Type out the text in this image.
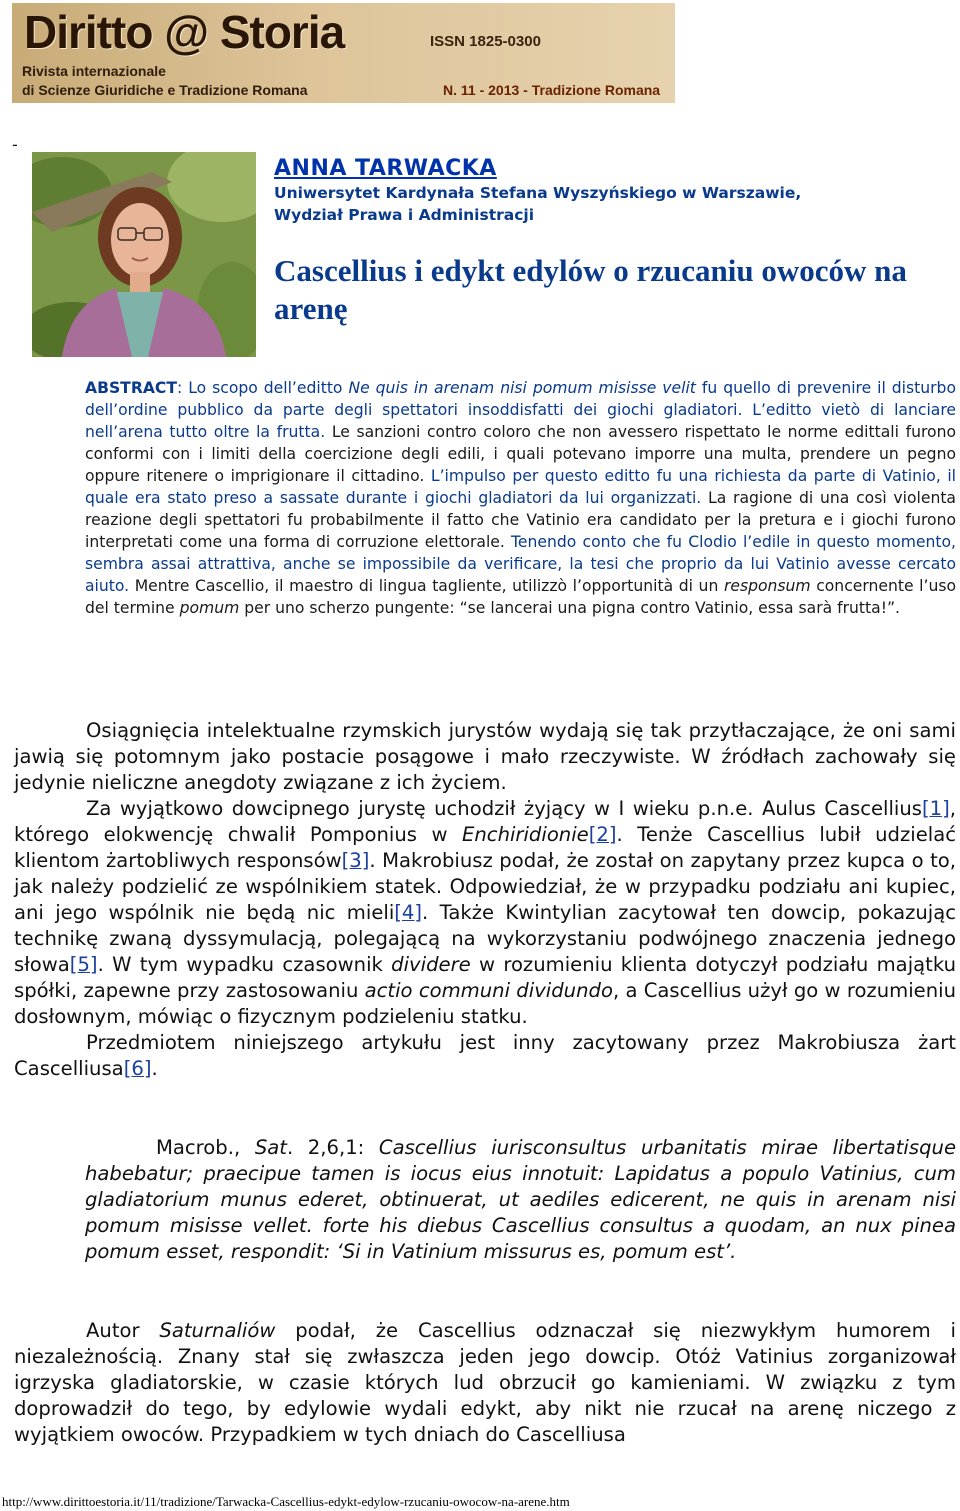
Diritto @ Storia	ISSN 1825-0300
Rivista internazionale
di Scienze Giuridiche e Tradizione Romana	N. 11 - 2013 - Tradizione Romana
-
ANNA TARWACKA
Uniwersytet Kardynała Stefana Wyszyńskiego w Warszawie,
Wydział Prawa i Administracji
Cascellius i edykt edylów o rzucaniu owoców na arenę
ABSTRACT: Lo scopo dell’editto Ne quis in arenam nisi pomum misisse velit fu quello di prevenire il disturbo dell’ordine pubblico da parte degli spettatori insoddisfatti dei giochi gladiatori. L’editto vietò di lanciare nell’arena tutto oltre la frutta. Le sanzioni contro coloro che non avessero rispettato le norme edittali furono conformi con i limiti della coercizione degli edili, i quali potevano imporre una multa, prendere un pegno oppure ritenere o imprigionare il cittadino. L’impulso per questo editto fu una richiesta da parte di Vatinio, il quale era stato preso a sassate durante i giochi gladiatori da lui organizzati. La ragione di una così violenta reazione degli spettatori fu probabilmente il fatto che Vatinio era candidato per la pretura e i giochi furono interpretati come una forma di corruzione elettorale. Tenendo conto che fu Clodio l’edile in questo momento, sembra assai attrattiva, anche se impossibile da verificare, la tesi che proprio da lui Vatinio avesse cercato aiuto. Mentre Cascellio, il maestro di lingua tagliente, utilizzò l’opportunità di un responsum concernente l’uso del termine pomum per uno scherzo pungente: “se lancerai una pigna contro Vatinio, essa sarà frutta!”.

Osiągnięcia intelektualne rzymskich jurystów wydają się tak przytłaczające, że oni sami jawią się potomnym jako postacie posągowe i mało rzeczywiste. W źródłach zachowały się jedynie nieliczne anegdoty związane z ich życiem.

Za wyjątkowo dowcipnego jurystę uchodził żyjący w I wieku p.n.e. Aulus Cascellius[1], którego elokwencję chwalił Pomponius w Enchiridionie[2]. Tenże Cascellius lubił udzielać klientom żartobliwych responsów[3]. Makrobiusz podał, że został on zapytany przez kupca o to, jak należy podzielić ze wspólnikiem statek. Odpowiedział, że w przypadku podziału ani kupiec, ani jego wspólnik nie będą nic mieli[4]. Także Kwintylian zacytował ten dowcip, pokazując technikę zwaną dyssymulacją, polegającą na wykorzystaniu podwójnego znaczenia jednego słowa[5]. W tym wypadku czasownik dividere w rozumieniu klienta dotyczył podziału majątku spółki, zapewne przy zastosowaniu actio communi dividundo, a Cascellius użył go w rozumieniu dosłownym, mówiąc o fizycznym podzieleniu statku.

Przedmiotem niniejszego artykułu jest inny zacytowany przez Makrobiusza żart Cascelliusa[6].

Macrob., Sat. 2,6,1: Cascellius iurisconsultus urbanitatis mirae libertatisque habebatur; praecipue tamen is iocus eius innotuit: Lapidatus a populo Vatinius, cum gladiatorium munus ederet, obtinuerat, ut aediles edicerent, ne quis in arenam nisi pomum misisse vellet. forte his diebus Cascellius consultus a quodam, an nux pinea pomum esset, respondit: ‘Si in Vatinium missurus es, pomum est’.

Autor Saturnaliów podał, że Cascellius odznaczał się niezwykłym humorem i niezależnością. Znany stał się zwłaszcza jeden jego dowcip. Otóż Vatinius zorganizował igrzyska gladiatorskie, w czasie których lud obrzucił go kamieniami. W związku z tym doprowadził do tego, by edylowie wydali edykt, aby nikt nie rzucał na arenę niczego z wyjątkiem owoców. Przypadkiem w tych dniach do Cascelliusa

http://www.dirittoestoria.it/11/tradizione/Tarwacka-Cascellius-edykt-edylow-rzucaniu-owocow-na-arene.htm
